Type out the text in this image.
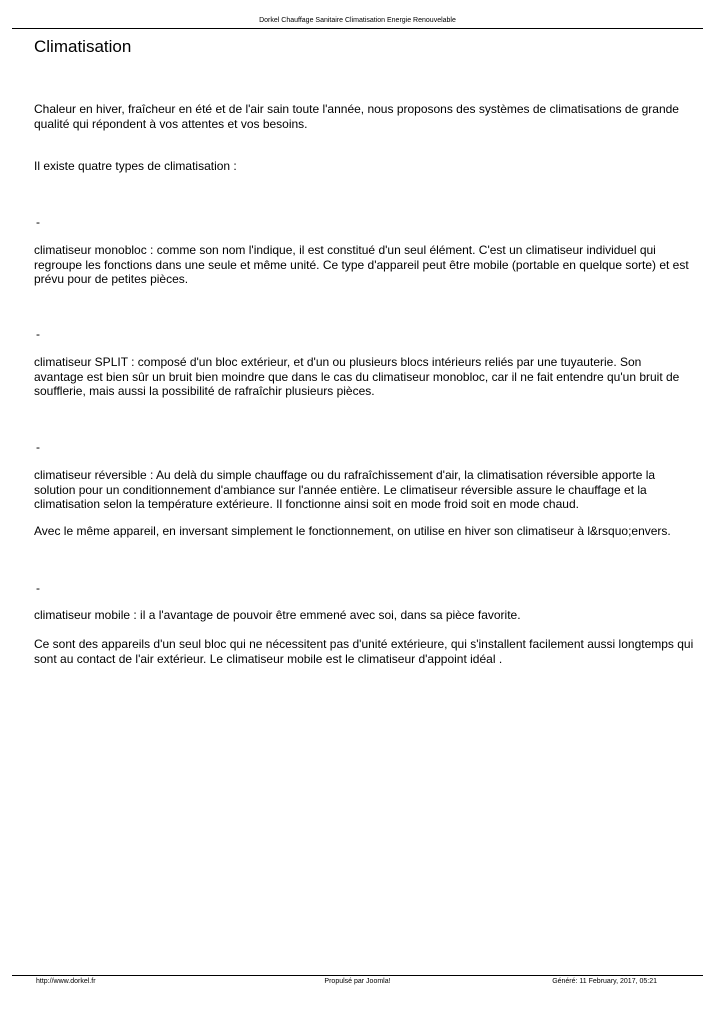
Dorkel Chauffage Sanitaire Climatisation Energie Renouvelable
Climatisation

Chaleur en hiver, fraîcheur en été et de l'air sain toute l'année, nous proposons des systèmes de climatisations de grande qualité qui répondent à vos attentes et vos besoins.

Il existe quatre types de climatisation :

-

climatiseur monobloc : comme son nom l'indique, il est constitué d'un seul élément. C'est un climatiseur individuel qui regroupe les fonctions dans une seule et même unité. Ce type d'appareil peut être mobile (portable en quelque sorte) et est prévu pour de petites pièces.

-

climatiseur SPLIT : composé d'un bloc extérieur, et d'un ou plusieurs blocs intérieurs reliés par une tuyauterie. Son avantage est bien sûr un bruit bien moindre que dans le cas du climatiseur monobloc, car il ne fait entendre qu'un bruit de soufflerie, mais aussi la possibilité de rafraîchir plusieurs pièces.

-

climatiseur réversible : Au delà du simple chauffage ou du rafraîchissement d'air, la climatisation réversible apporte la solution pour un conditionnement d'ambiance sur l'année entière. Le climatiseur réversible assure le chauffage et la climatisation selon la température extérieure. Il fonctionne ainsi soit en mode froid soit en mode chaud.

Avec le même appareil, en inversant simplement le fonctionnement, on utilise en hiver son climatiseur à l&rsquo;envers.

-

climatiseur mobile : il a l'avantage de pouvoir être emmené avec soi, dans sa pièce favorite.

Ce sont des appareils d'un seul bloc qui ne nécessitent pas d'unité extérieure, qui s'installent facilement aussi longtemps qui sont au contact de l'air extérieur. Le climatiseur mobile est le climatiseur d'appoint idéal .

Propulsé par Joomla!
http://www.dorkel.fr	Généré: 11 February, 2017, 05:21
